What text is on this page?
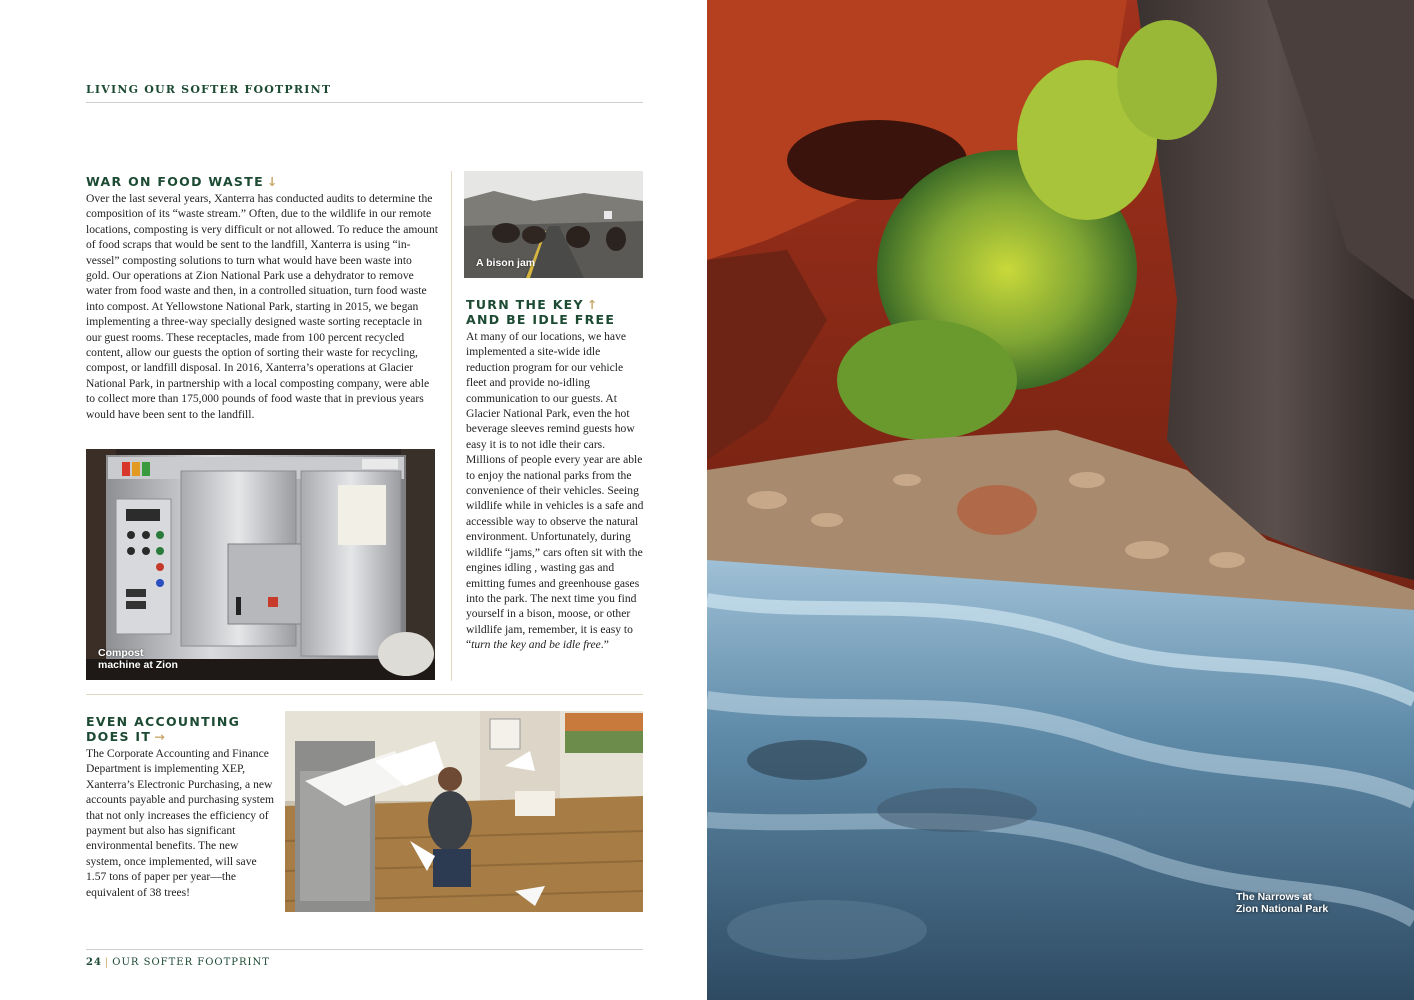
LIVING OUR SOFTER FOOTPRINT
WAR ON FOOD WASTE ↓

Over the last several years, Xanterra has conducted audits to determine the composition of its “waste stream.” Often, due to the wildlife in our remote locations, composting is very difficult or not allowed. To reduce the amount of food scraps that would be sent to the landfill, Xanterra is using “in-vessel” composting solutions to turn what would have been waste into gold. Our operations at Zion National Park use a dehydrator to remove water from food waste and then, in a controlled situation, turn food waste into compost. At Yellowstone National Park, starting in 2015, we began implementing a three-way specially designed waste sorting receptacle in our guest rooms. These receptacles, made from 100 percent recycled content, allow our guests the option of sorting their waste for recycling, compost, or landfill disposal. In 2016, Xanterra’s operations at Glacier National Park, in partnership with a local composting company, were able to collect more than 175,000 pounds of food waste that in previous years would have been sent to the landfill.

Compost
machine at Zion
A bison jam
TURN THE KEY ↑
AND BE IDLE FREE

At many of our locations, we have implemented a site-wide idle reduction program for our vehicle fleet and provide no-idling communication to our guests. At Glacier National Park, even the hot beverage sleeves remind guests how easy it is to not idle their cars. Millions of people every year are able to enjoy the national parks from the convenience of their vehicles. Seeing wildlife while in vehicles is a safe and accessible way to observe the natural environment. Unfortunately, during wildlife “jams,” cars often sit with the engines idling , wasting gas and emitting fumes and greenhouse gases into the park. The next time you find yourself in a bison, moose, or other wildlife jam, remember, it is easy to “turn the key and be idle free.”

EVEN ACCOUNTING
DOES IT →

The Corporate Accounting and Finance Department is implementing XEP, Xanterra’s Electronic Purchasing, a new accounts payable and purchasing system that not only increases the efficiency of payment but also has significant environmental benefits. The new system, once implemented, will save 1.57 tons of paper per year—the equivalent of 38 trees!

24 | OUR SOFTER FOOTPRINT
The Narrows at
Zion National Park
